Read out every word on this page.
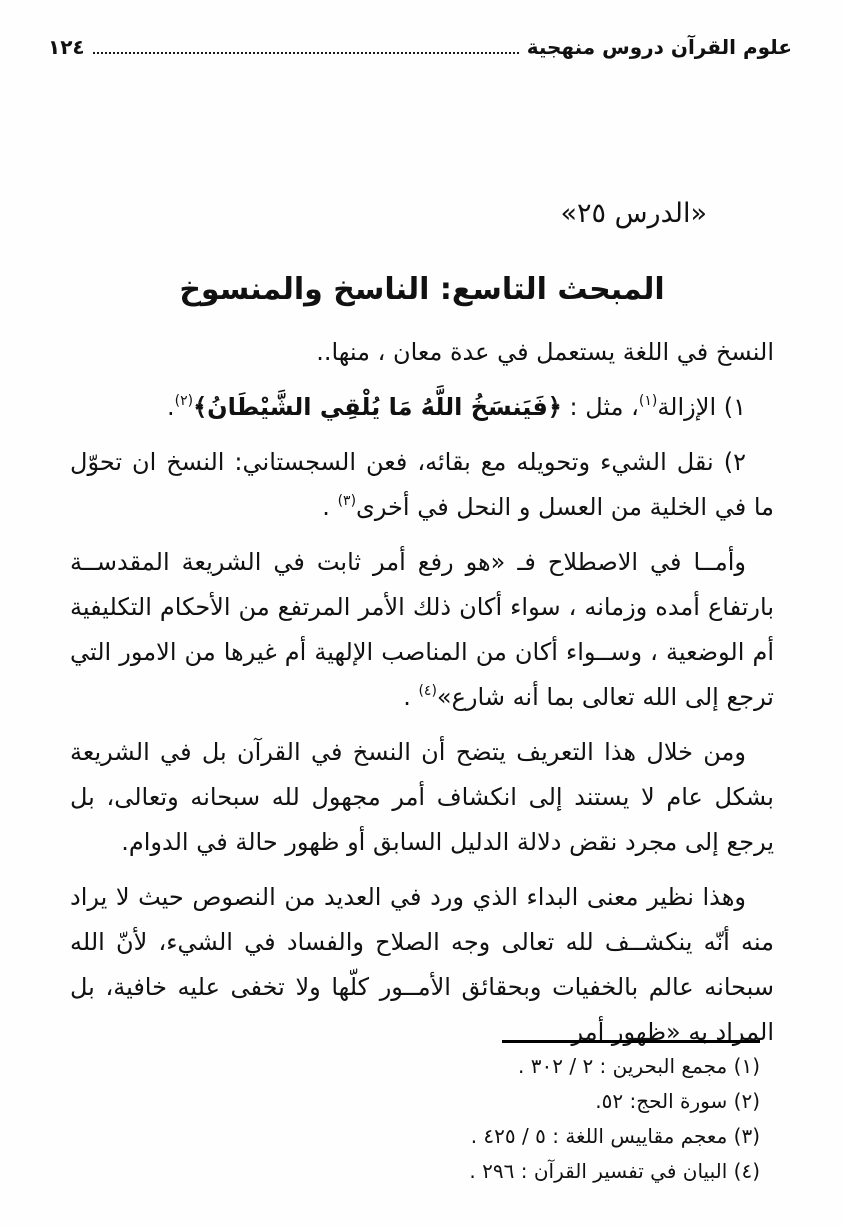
علوم القرآن دروس منهجية
١٢٤
«الدرس ٢٥»
المبحث التاسع: الناسخ والمنسوخ

النسخ في اللغة يستعمل في عدة معان ، منها..

١) الإزالة$^{(١)}$، مثل : ﴿فَيَنسَخُ اللَّهُ مَا يُلْقِي الشَّيْطَانُ﴾$^{(٢)}$.

٢) نقل الشيء وتحويله مع بقائه، فعن السجستاني: النسخ ان تحوّل ما في الخلية من العسل و النحل في أخرى$^{(٣)}$ .

وأمــا في الاصطلاح فـ «هو رفع أمر ثابت في الشريعة المقدســة بارتفاع أمده وزمانه ، سواء أكان ذلك الأمر المرتفع من الأحكام التكليفية أم الوضعية ، وســواء أكان من المناصب الإلهية أم غيرها من الامور التي ترجع إلى الله تعالى بما أنه شارع»$^{(٤)}$ .

ومن خلال هذا التعريف يتضح أن النسخ في القرآن بل في الشريعة بشكل عام لا يستند إلى انكشاف أمر مجهول لله سبحانه وتعالى، بل يرجع إلى مجرد نقض دلالة الدليل السابق أو ظهور حالة في الدوام.

وهذا نظير معنى البداء الذي ورد في العديد من النصوص حيث لا يراد منه أنّه ينكشــف لله تعالى وجه الصلاح والفساد في الشيء، لأنّ الله سبحانه عالم بالخفيات وبحقائق الأمــور كلّها ولا تخفى عليه خافية، بل المراد به «ظهور أمر

(١) مجمع البحرين : ٢ / ٣٠٢ .
(٢) سورة الحج: ٥٢.
(٣) معجم مقاييس اللغة : ٥ / ٤٢٥ .
(٤) البيان في تفسير القرآن : ٢٩٦ .
